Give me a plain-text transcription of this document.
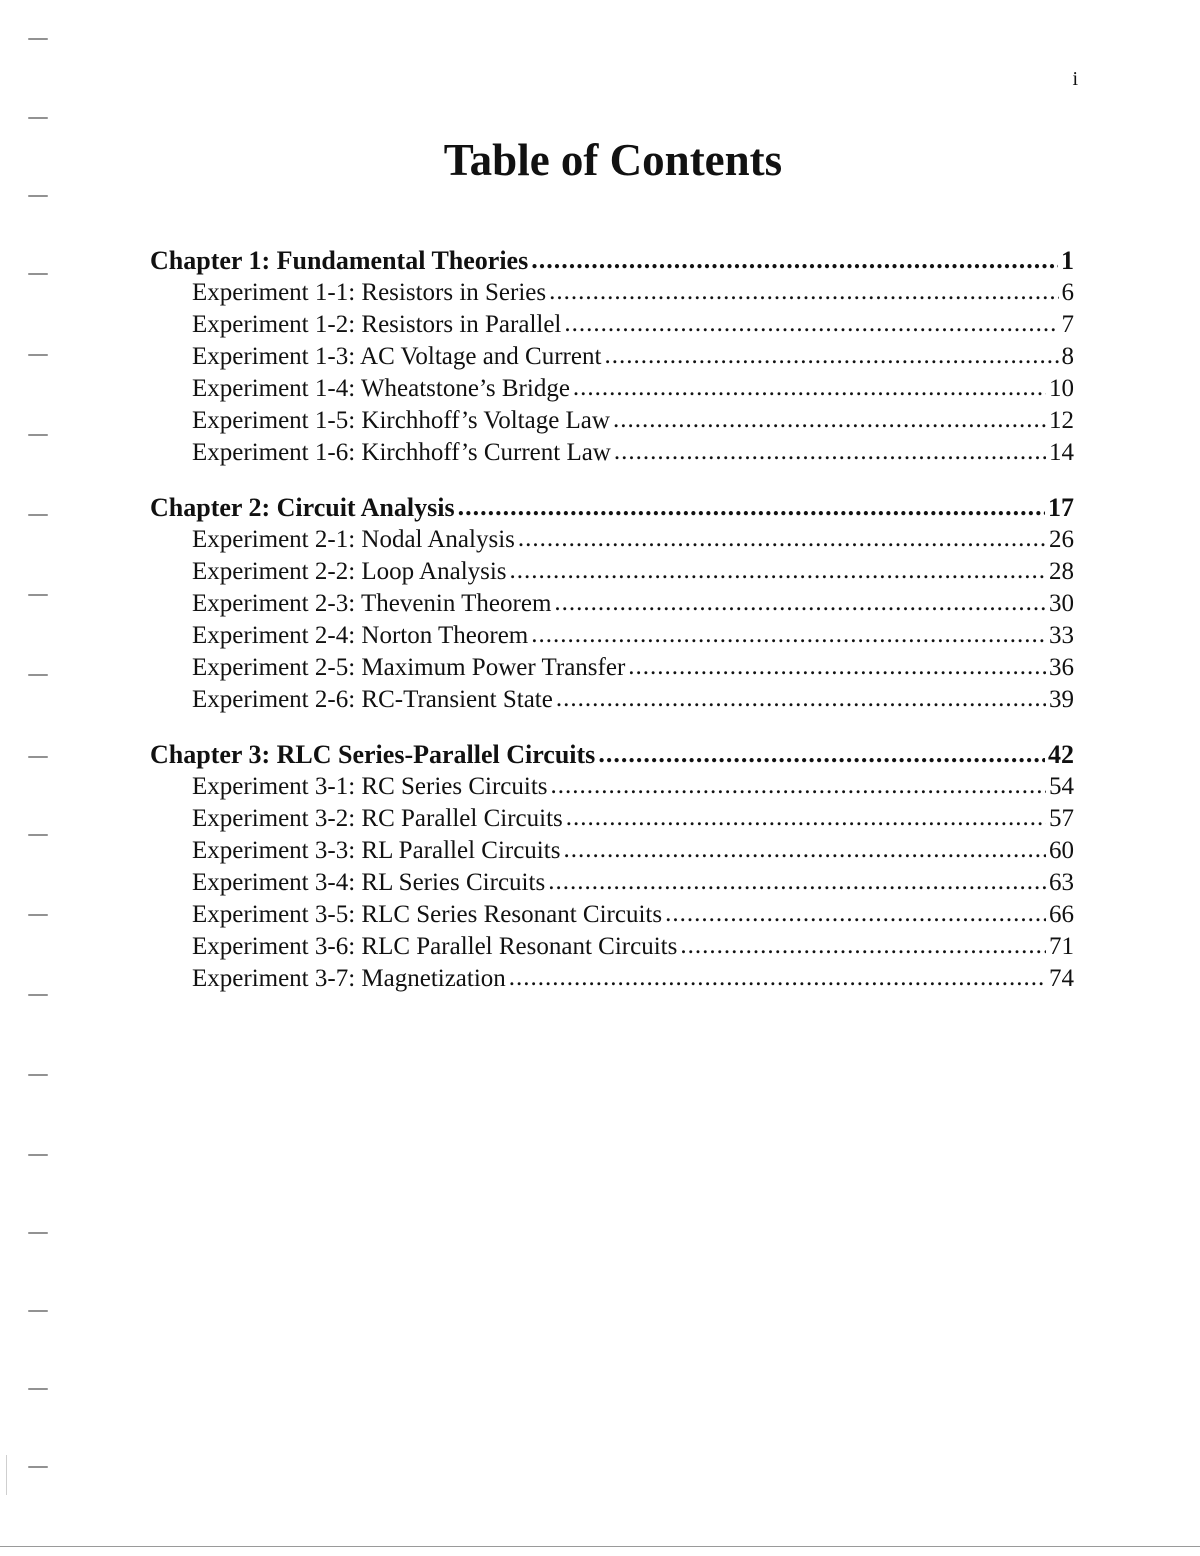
i
Table of Contents
Chapter 1: Fundamental Theories .....	1
Experiment 1-1: Resistors in Series .....	6
Experiment 1-2: Resistors in Parallel .....	7
Experiment 1-3: AC Voltage and Current .....	8
Experiment 1-4: Wheatstone’s Bridge .....	10
Experiment 1-5: Kirchhoff’s Voltage Law .....	12
Experiment 1-6: Kirchhoff’s Current Law .....	14
Chapter 2: Circuit Analysis .....	17
Experiment 2-1: Nodal Analysis .....	26
Experiment 2-2: Loop Analysis .....	28
Experiment 2-3: Thevenin Theorem .....	30
Experiment 2-4: Norton Theorem .....	33
Experiment 2-5: Maximum Power Transfer .....	36
Experiment 2-6: RC-Transient State .....	39
Chapter 3: RLC Series-Parallel Circuits .....	42
Experiment 3-1: RC Series Circuits .....	54
Experiment 3-2: RC Parallel Circuits .....	57
Experiment 3-3: RL Parallel Circuits .....	60
Experiment 3-4: RL Series Circuits .....	63
Experiment 3-5: RLC Series Resonant Circuits .....	66
Experiment 3-6: RLC Parallel Resonant Circuits .....	71
Experiment 3-7: Magnetization .....	74
